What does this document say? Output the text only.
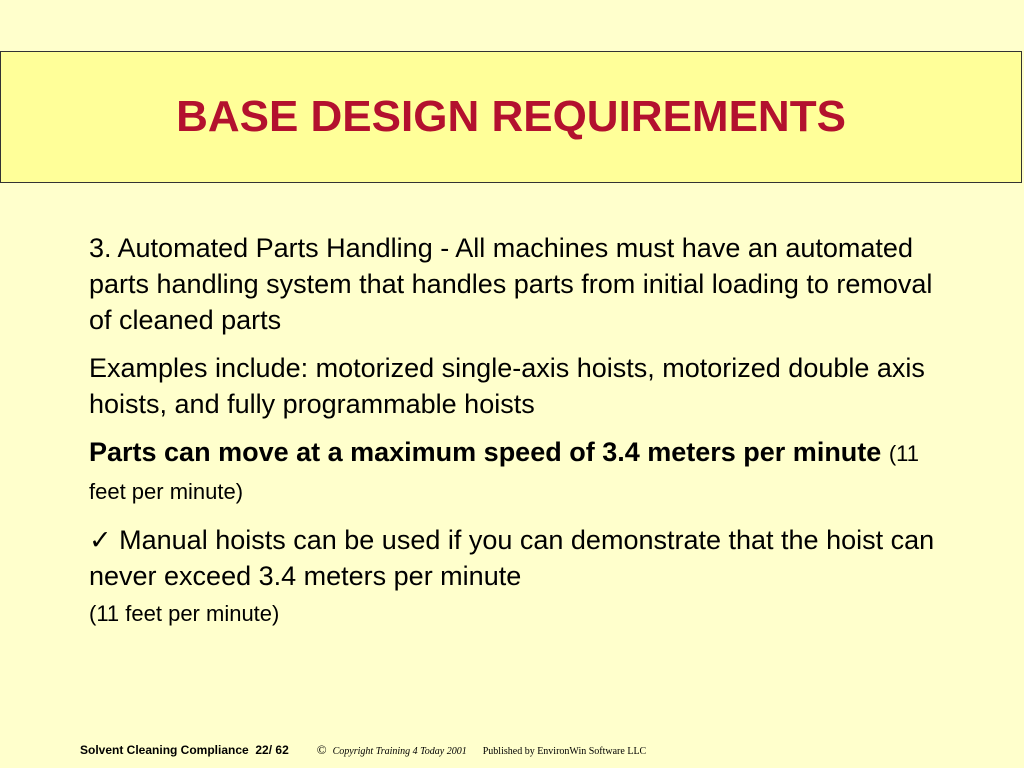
BASE DESIGN REQUIREMENTS

3. Automated Parts Handling - All machines must have an automated parts handling system that handles parts from initial loading to removal of cleaned parts

Examples include: motorized single-axis hoists, motorized double axis hoists, and fully programmable hoists

Parts can move at a maximum speed of 3.4 meters per minute (11 feet per minute)

✓ Manual hoists can be used if you can demonstrate that the hoist can never exceed 3.4 meters per minute
(11 feet per minute)

Solvent Cleaning Compliance 22/ 62 © Copyright Training 4 Today 2001 Published by EnvironWin Software LLC
